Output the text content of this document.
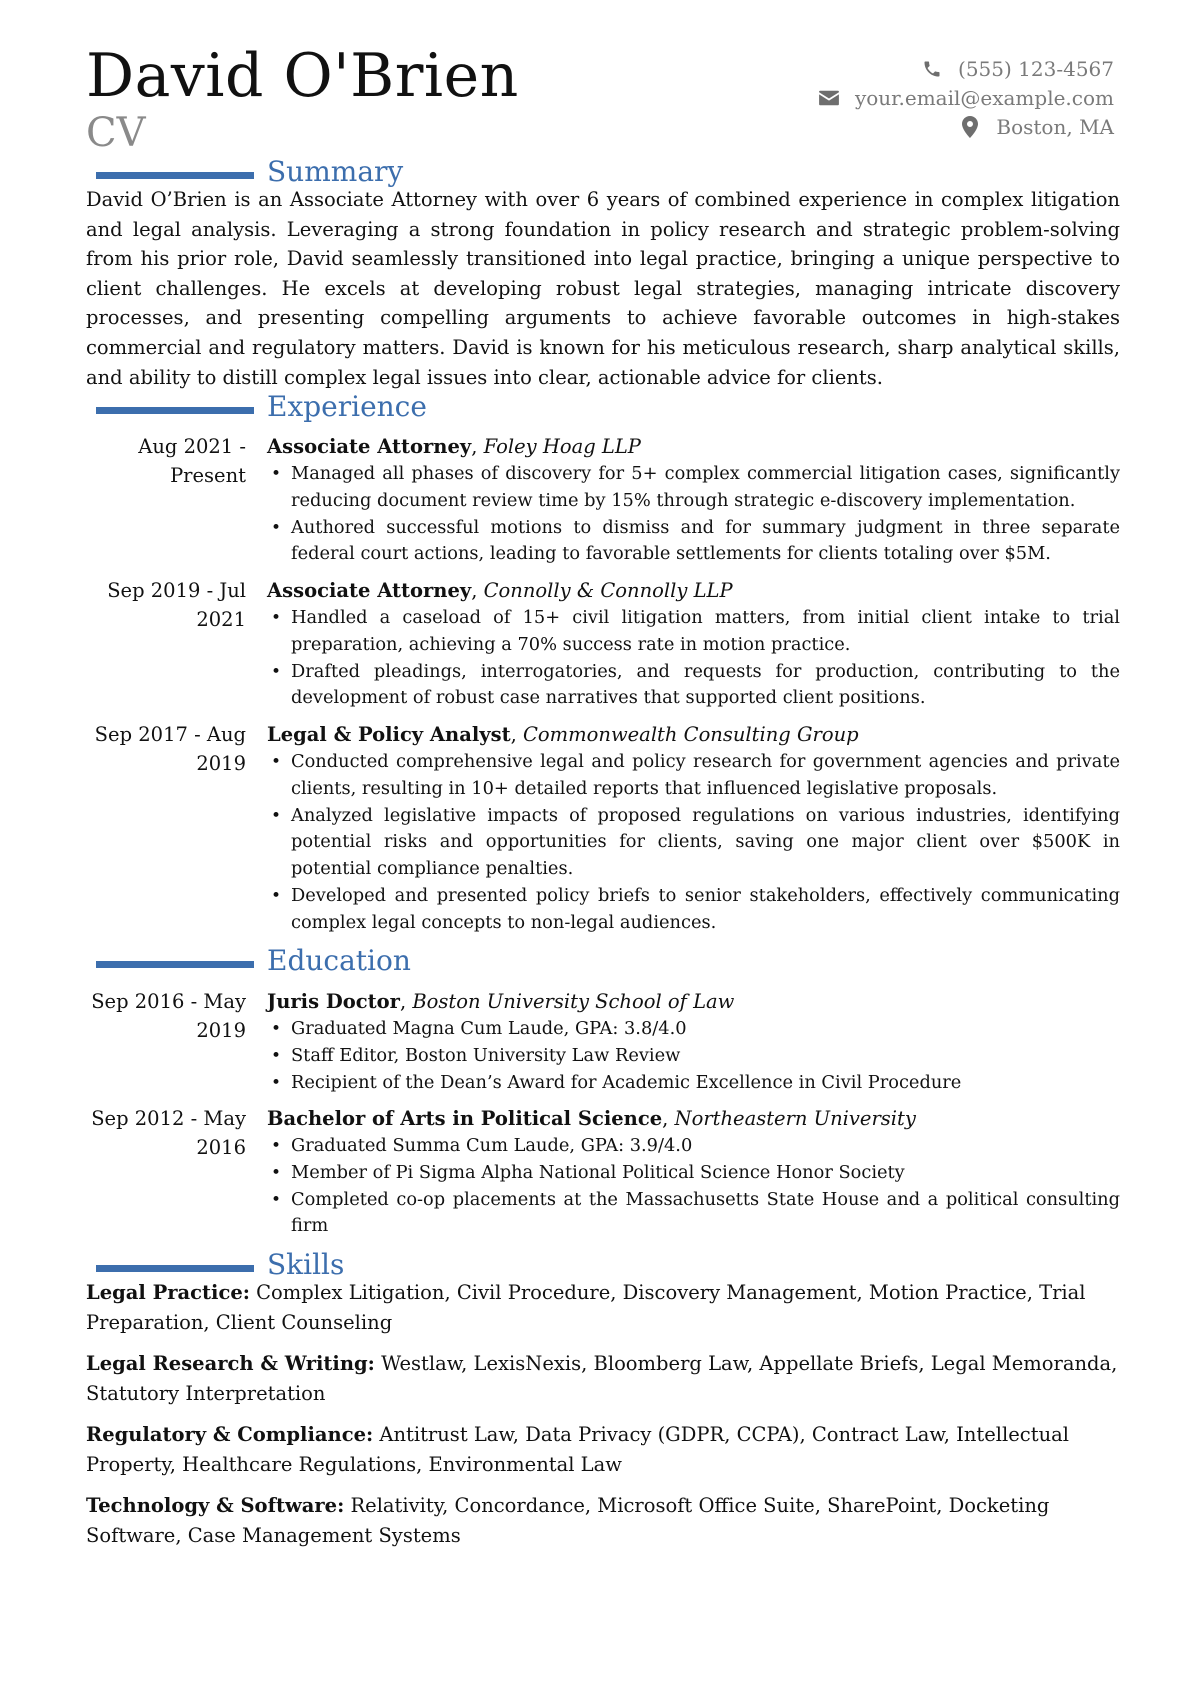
David O'Brien
CV
(555) 123-4567
your.email@example.com
Boston, MA
Summary
David O’Brien is an Associate Attorney with over 6 years of combined experience in complex litigation and legal analysis. Leveraging a strong foundation in policy research and strategic problem-solving from his prior role, David seamlessly transitioned into legal practice, bringing a unique perspective to client challenges. He excels at developing robust legal strategies, managing intricate discovery processes, and presenting compelling arguments to achieve favorable outcomes in high-stakes commercial and regulatory matters. David is known for his meticulous research, sharp analytical skills, and ability to distill complex legal issues into clear, actionable advice for clients.
Experience
Aug 2021 - Present
Associate Attorney, Foley Hoag LLP
• Managed all phases of discovery for 5+ complex commercial litigation cases, significantly reducing document review time by 15% through strategic e-discovery implementation.
• Authored successful motions to dismiss and for summary judgment in three separate federal court actions, leading to favorable settlements for clients totaling over $5M.
Sep 2019 - Jul 2021
Associate Attorney, Connolly & Connolly LLP
• Handled a caseload of 15+ civil litigation matters, from initial client intake to trial preparation, achieving a 70% success rate in motion practice.
• Drafted pleadings, interrogatories, and requests for production, contributing to the development of robust case narratives that supported client positions.
Sep 2017 - Aug 2019
Legal & Policy Analyst, Commonwealth Consulting Group
• Conducted comprehensive legal and policy research for government agencies and private clients, resulting in 10+ detailed reports that influenced legislative proposals.
• Analyzed legislative impacts of proposed regulations on various industries, identifying potential risks and opportunities for clients, saving one major client over $500K in potential compliance penalties.
• Developed and presented policy briefs to senior stakeholders, effectively communicating complex legal concepts to non-legal audiences.
Education
Sep 2016 - May 2019
Juris Doctor, Boston University School of Law
• Graduated Magna Cum Laude, GPA: 3.8/4.0
• Staff Editor, Boston University Law Review
• Recipient of the Dean’s Award for Academic Excellence in Civil Procedure
Sep 2012 - May 2016
Bachelor of Arts in Political Science, Northeastern University
• Graduated Summa Cum Laude, GPA: 3.9/4.0
• Member of Pi Sigma Alpha National Political Science Honor Society
• Completed co-op placements at the Massachusetts State House and a political consulting firm
Skills
Legal Practice: Complex Litigation, Civil Procedure, Discovery Management, Motion Practice, Trial Preparation, Client Counseling
Legal Research & Writing: Westlaw, LexisNexis, Bloomberg Law, Appellate Briefs, Legal Memoranda, Statutory Interpretation
Regulatory & Compliance: Antitrust Law, Data Privacy (GDPR, CCPA), Contract Law, Intellectual Property, Healthcare Regulations, Environmental Law
Technology & Software: Relativity, Concordance, Microsoft Office Suite, SharePoint, Docketing Software, Case Management Systems
